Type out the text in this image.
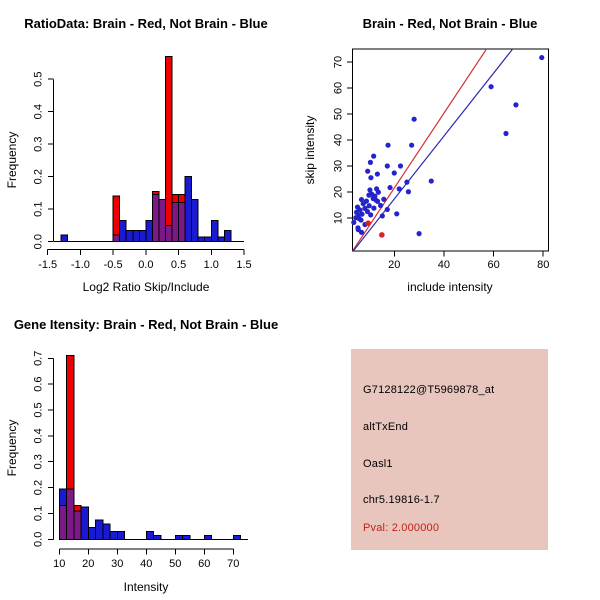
0.0
0.1
0.2
0.3
0.4
0.5
-1.5 -1.0 -0.5 0.0 0.5 1.0 1.5	20	40	60	80
10
20
30
40
50
60
70
0.0
0.1
0.2
0.3
0.4
0.5
0.6
0.7
10 20 30 40 50 60 70
RatioData: Brain - Red, Not Brain - Blue	Brain - Red, Not Brain - Blue
Gene Itensity: Brain - Red, Not Brain - Blue
Log2 Ratio Skip/Include	include intensity
Intensity
Frequency	skip intensity
Frequency
G7128122@T5969878_at
altTxEnd
Oasl1
chr5.19816-1.7
Pval: 2.000000
